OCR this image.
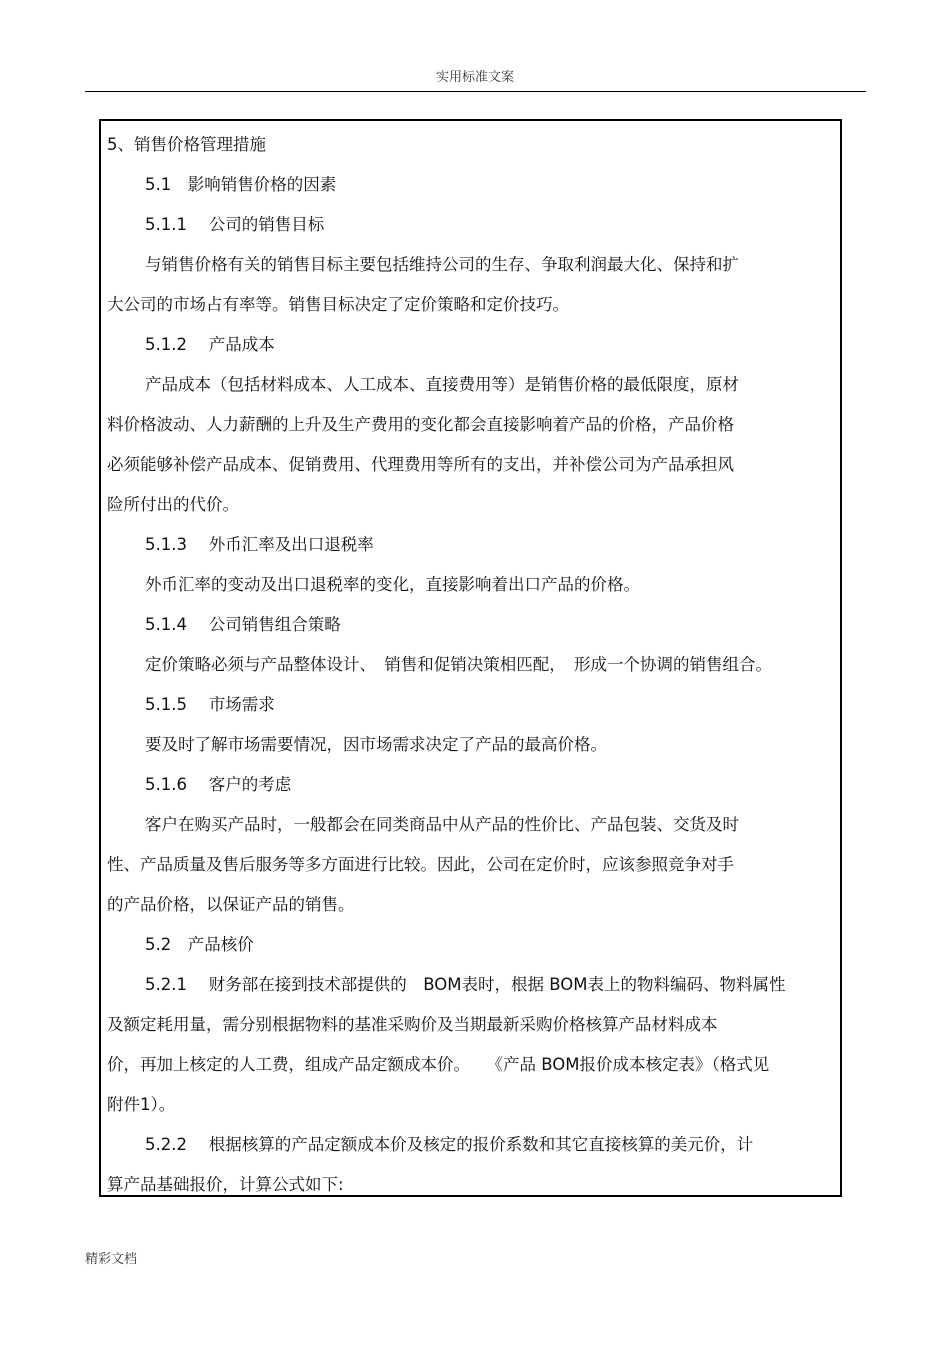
实用标准文案
5、销售价格管理措施
5.1　影响销售价格的因素
5.1.1　 公司的销售目标
与销售价格有关的销售目标主要包括维持公司的生存、争取利润最大化、保持和扩
大公司的市场占有率等。销售目标决定了定价策略和定价技巧。
5.1.2　 产品成本
产品成本（包括材料成本、人工成本、直接费用等）是销售价格的最低限度，原材
料价格波动、人力薪酬的上升及生产费用的变化都会直接影响着产品的价格，产品价格
必须能够补偿产品成本、促销费用、代理费用等所有的支出，并补偿公司为产品承担风
险所付出的代价。
5.1.3　 外币汇率及出口退税率
外币汇率的变动及出口退税率的变化，直接影响着出口产品的价格。
5.1.4　 公司销售组合策略
定价策略必须与产品整体设计、　销售和促销决策相匹配，　形成一个协调的销售组合。
5.1.5　 市场需求
要及时了解市场需要情况，因市场需求决定了产品的最高价格。
5.1.6　 客户的考虑
客户在购买产品时，一般都会在同类商品中从产品的性价比、产品包装、交货及时
性、产品质量及售后服务等多方面进行比较。因此，公司在定价时，应该参照竞争对手
的产品价格，以保证产品的销售。
5.2　产品核价
5.2.1　 财务部在接到技术部提供的　BOM表时，根据 BOM表上的物料编码、物料属性
及额定耗用量，需分别根据物料的基准采购价及当期最新采购价格核算产品材料成本
价，再加上核定的人工费，组成产品定额成本价。　　《产品 BOM报价成本核定表》（格式见
附件1）。
5.2.2　 根据核算的产品定额成本价及核定的报价系数和其它直接核算的美元价，计
算产品基础报价，计算公式如下:
精彩文档
